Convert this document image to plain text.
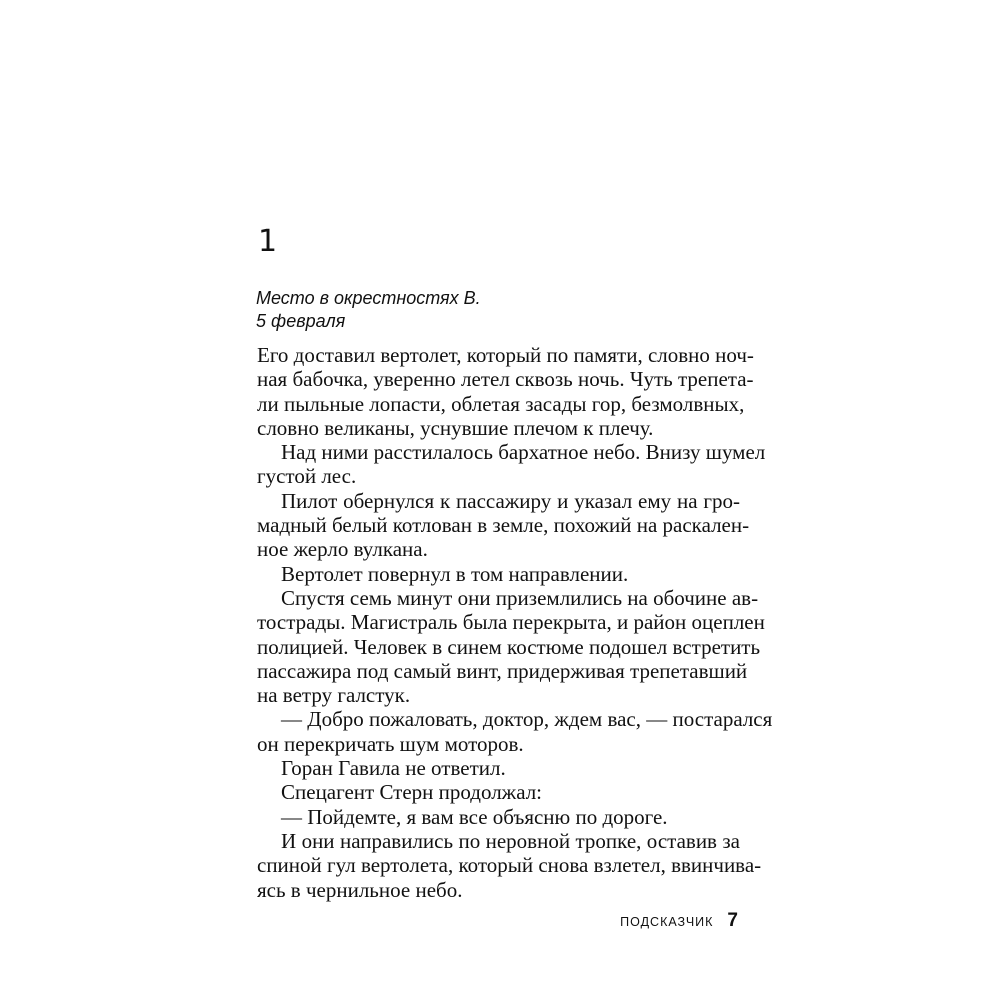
1
Место в окрестностях В.
5 февраля
Его доставил вертолет, который по памяти, словно ноч-
ная бабочка, уверенно летел сквозь ночь. Чуть трепета-
ли пыльные лопасти, облетая засады гор, безмолвных,
словно великаны, уснувшие плечом к плечу.
Над ними расстилалось бархатное небо. Внизу шумел
густой лес.
Пилот обернулся к пассажиру и указал ему на гро-
мадный белый котлован в земле, похожий на раскален-
ное жерло вулкана.
Вертолет повернул в том направлении.
Спустя семь минут они приземлились на обочине ав-
тострады. Магистраль была перекрыта, и район оцеплен
полицией. Человек в синем костюме подошел встретить
пассажира под самый винт, придерживая трепетавший
на ветру галстук.
— Добро пожаловать, доктор, ждем вас, — постарался
он перекричать шум моторов.
Горан Гавила не ответил.
Спецагент Стерн продолжал:
— Пойдемте, я вам все объясню по дороге.
И они направились по неровной тропке, оставив за
спиной гул вертолета, который снова взлетел, ввинчива-
ясь в чернильное небо.
ПОДСКАЗЧИК 7
